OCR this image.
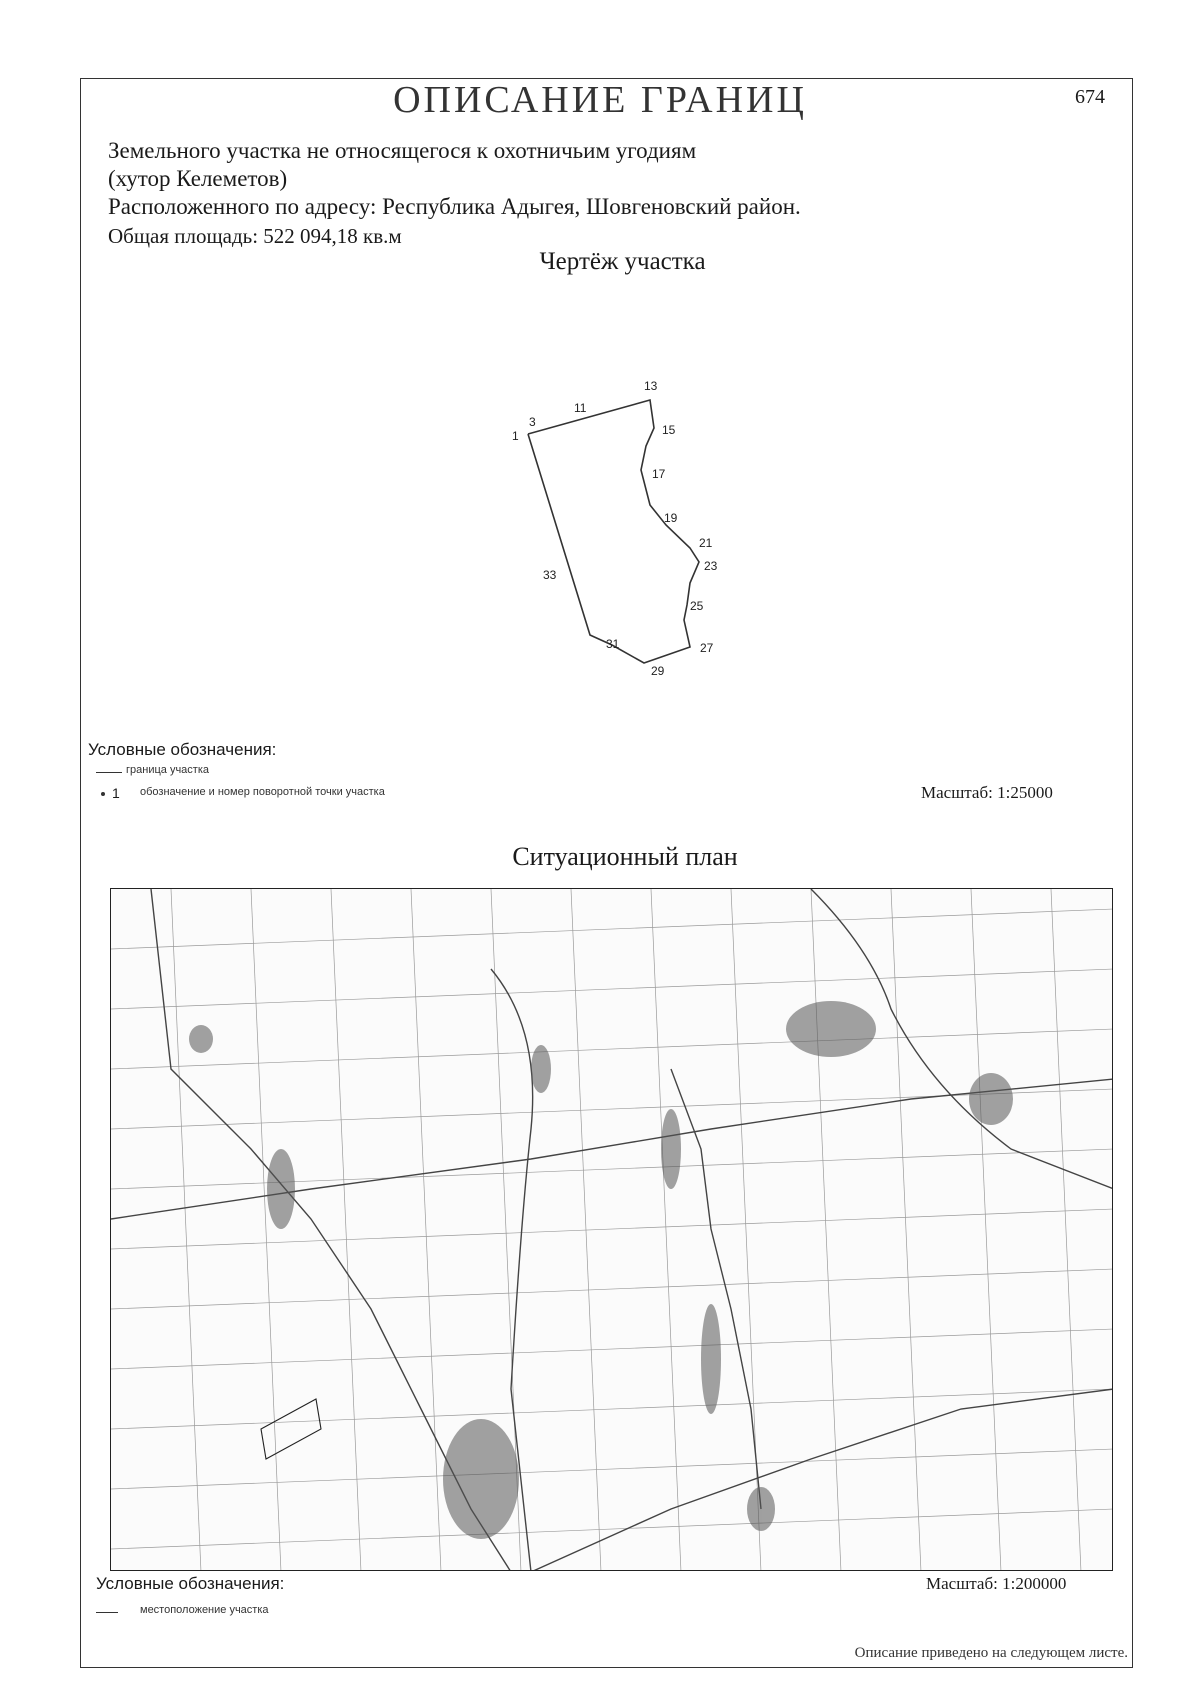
ОПИСАНИЕ ГРАНИЦ	674
Земельного участка не относящегося к охотничьим угодиям
(хутор Келеметов)
Расположенного по адресу: Республика Адыгея, Шовгеновский район.
Общая площадь: 522 094,18 кв.м
Чертёж участка
1
3
11
13
15
17
19
21
23
25
27
29
31
33
Условные обозначения:
граница участка
1 обозначение и номер поворотной точки участка	Масштаб: 1:25000
Ситуационный план
Условные обозначения:
местоположение участка
Масштаб: 1:200000
Описание приведено на следующем листе.
